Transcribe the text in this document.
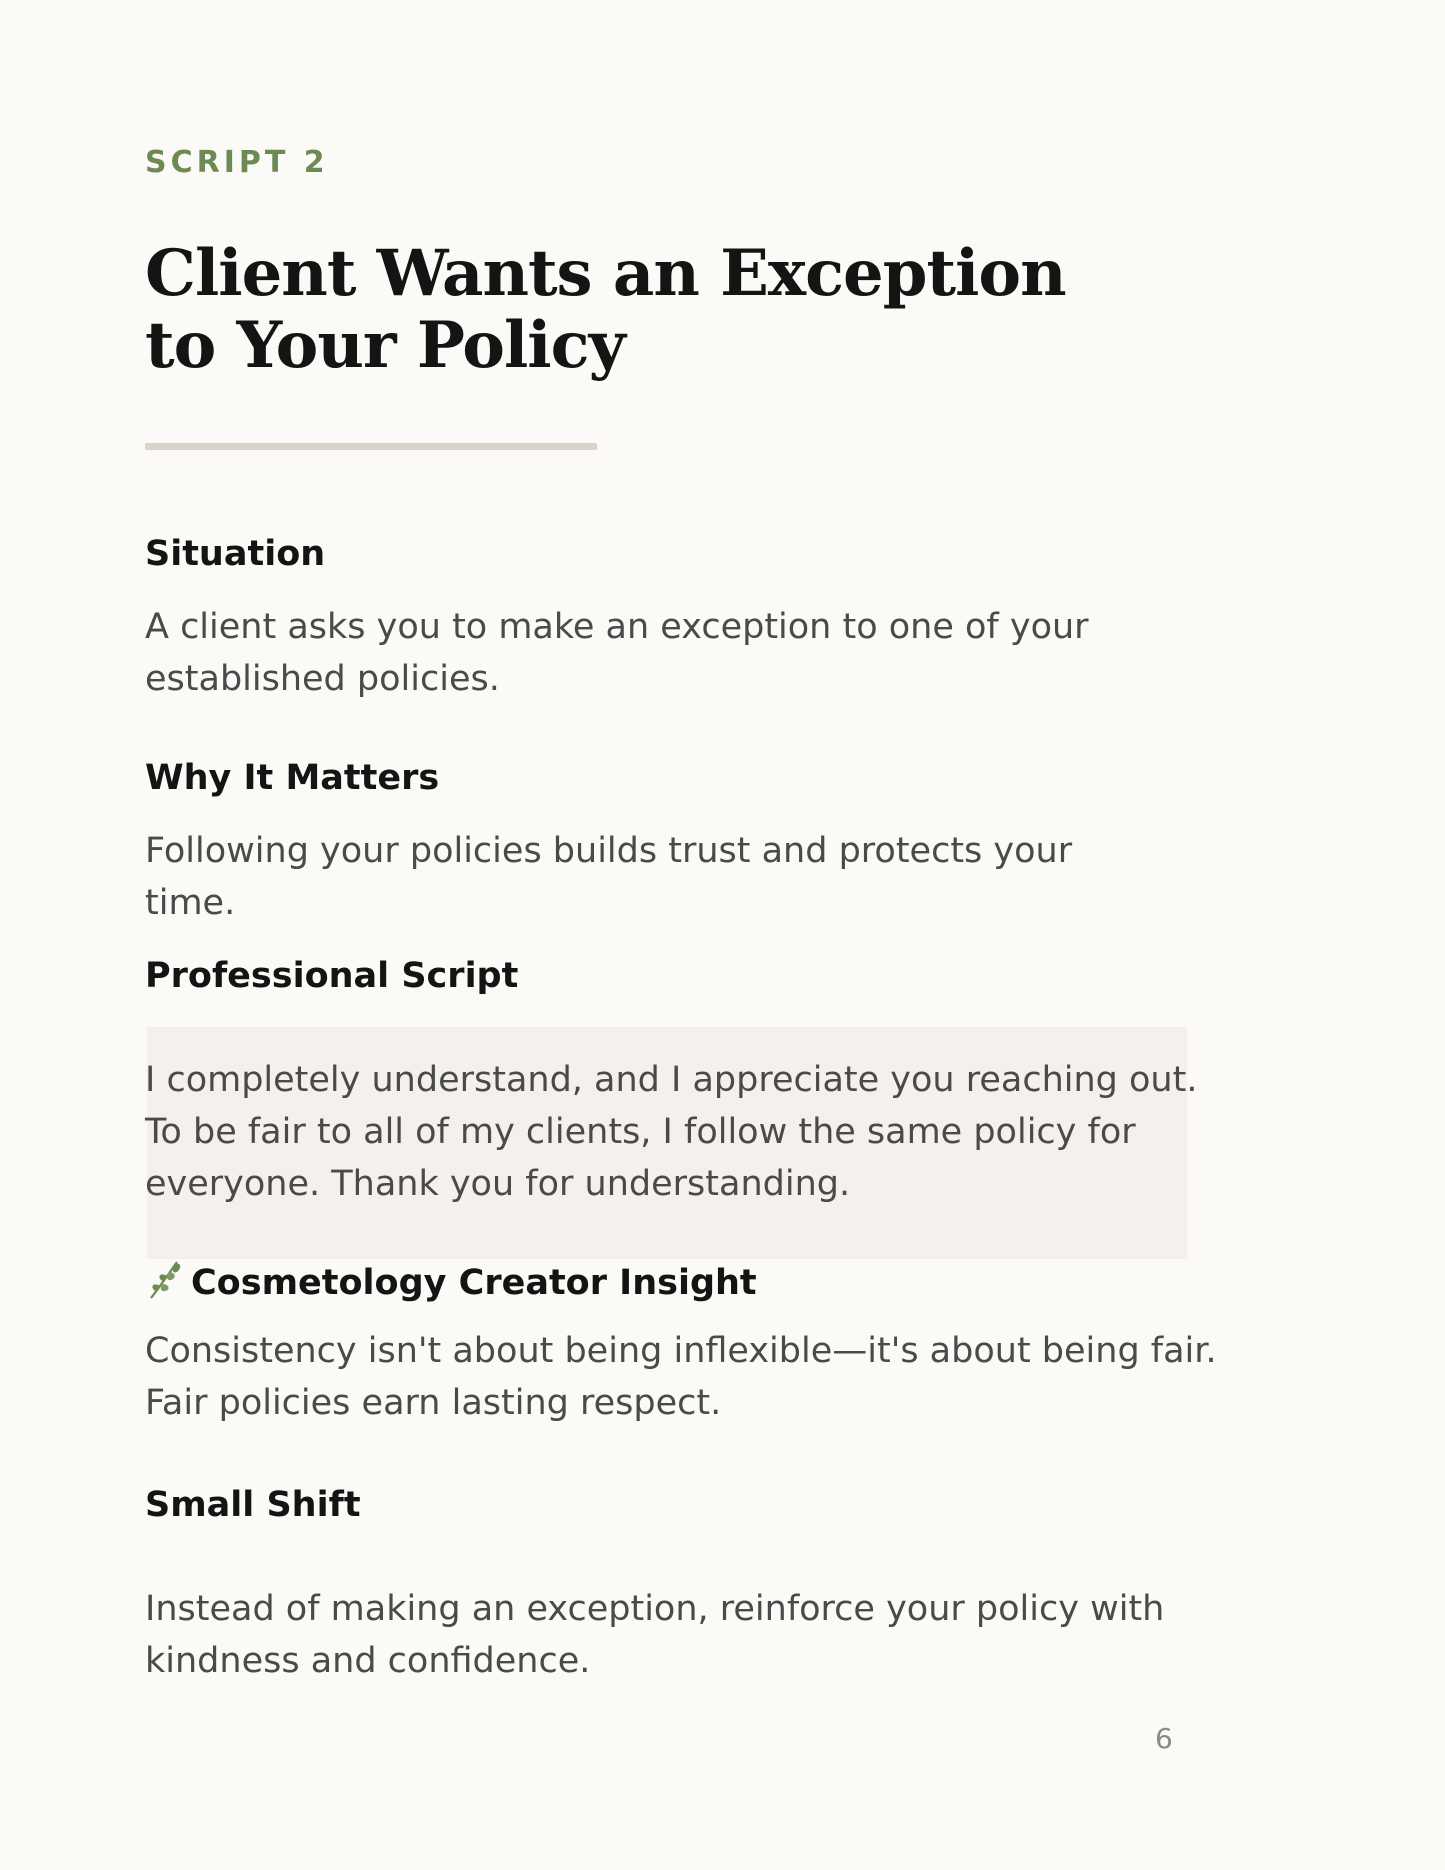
SCRIPT 2
Client Wants an Exception
to Your Policy
Situation

A client asks you to make an exception to one of your established policies.

Why It Matters

Following your policies builds trust and protects your time.

Professional Script

I completely understand, and I appreciate you reaching out. To be fair to all of my clients, I follow the same policy for everyone. Thank you for understanding.

Cosmetology Creator Insight

Consistency isn't about being inflexible—it's about being fair. Fair policies earn lasting respect.

Small Shift

Instead of making an exception, reinforce your policy with kindness and confidence.

6
